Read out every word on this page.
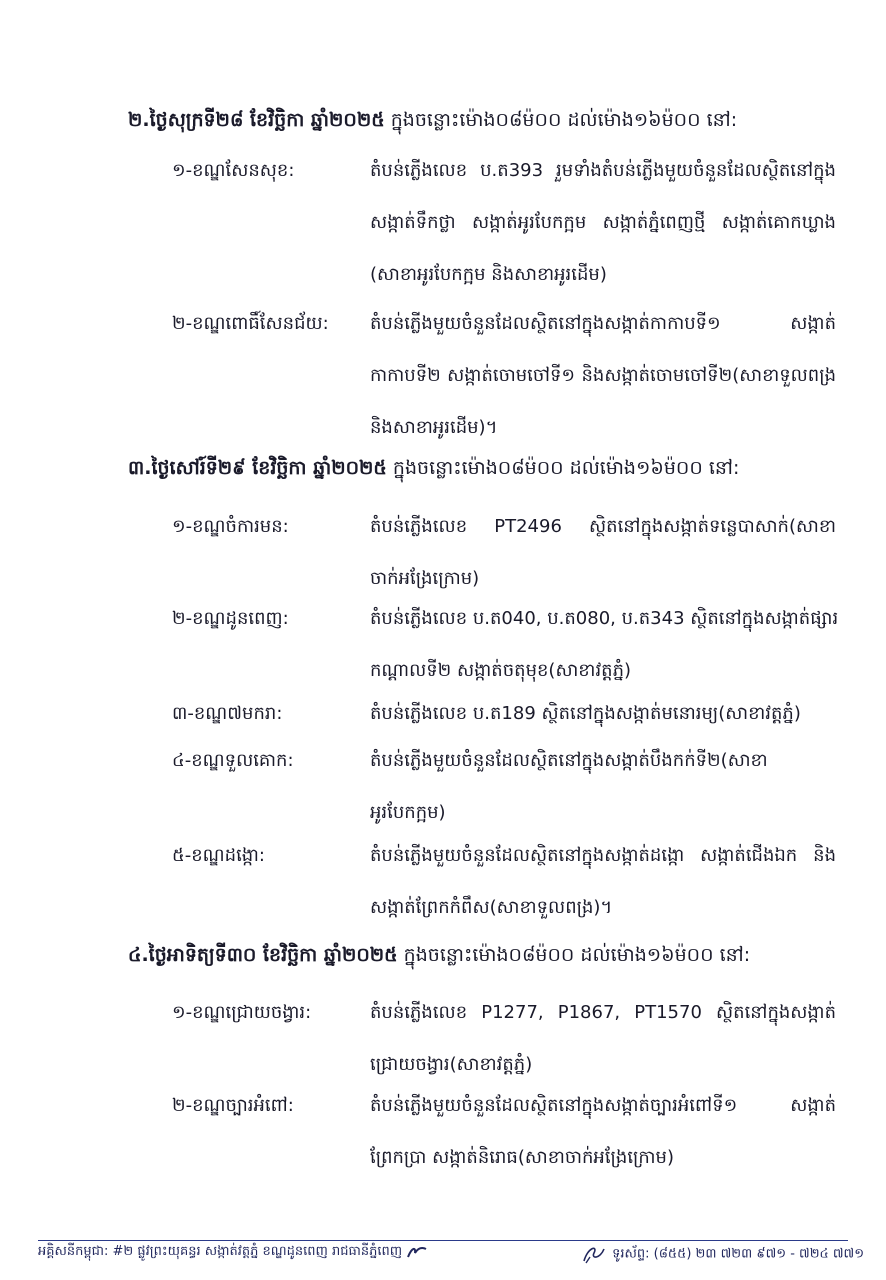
២.ថ្ងៃសុក្រទី២៨ ខែវិច្ឆិកា ឆ្នាំ២០២៥ ក្នុងចន្លោះម៉ោង០៨ម៉០០ ដល់ម៉ោង១៦ម៉០០ នៅ:
១-ខណ្ឌសែនសុខ:	តំបន់ភ្លើងលេខ ប.ត393 រួមទាំងតំបន់ភ្លើងមួយចំនួនដែលស្ថិតនៅក្នុង
សង្កាត់ទឹកថ្លា សង្កាត់អូរបែកក្អម សង្កាត់ភ្នំពេញថ្មី សង្កាត់គោកឃ្លាង
(សាខាអូរបែកក្អម និងសាខាអូរដើម)
២-ខណ្ឌពោធិ៍សែនជ័យ:	តំបន់ភ្លើងមួយចំនួនដែលស្ថិតនៅក្នុងសង្កាត់កាកាបទី១ សង្កាត់
កាកាបទី២ សង្កាត់ចោមចៅទី១ និងសង្កាត់ចោមចៅទី២(សាខាទួលពង្រ
និងសាខាអូរដើម)។
៣.ថ្ងៃសៅរ៍ទី២៩ ខែវិច្ឆិកា ឆ្នាំ២០២៥ ក្នុងចន្លោះម៉ោង០៨ម៉០០ ដល់ម៉ោង១៦ម៉០០ នៅ:
១-ខណ្ឌចំការមន:	តំបន់ភ្លើងលេខ PT2496 ស្ថិតនៅក្នុងសង្កាត់ទន្លេបាសាក់(សាខា
ចាក់អង្រែក្រោម)
២-ខណ្ឌដូនពេញ:	តំបន់ភ្លើងលេខ ប.ត040, ប.ត080, ប.ត343 ស្ថិតនៅក្នុងសង្កាត់ផ្សារ
កណ្ដាលទី២ សង្កាត់ចតុមុខ(សាខាវត្តភ្នំ)
៣-ខណ្ឌ៧មករា:	តំបន់ភ្លើងលេខ ប.ត189 ស្ថិតនៅក្នុងសង្កាត់មនោរម្យ(សាខាវត្តភ្នំ)
៤-ខណ្ឌទួលគោក:	តំបន់ភ្លើងមួយចំនួនដែលស្ថិតនៅក្នុងសង្កាត់បឹងកក់ទី២(សាខា
អូរបែកក្អម)
៥-ខណ្ឌដង្កោ:	តំបន់ភ្លើងមួយចំនួនដែលស្ថិតនៅក្នុងសង្កាត់ដង្កោ សង្កាត់ជើងឯក និង
សង្កាត់ព្រែកកំពឹស(សាខាទួលពង្រ)។
៤.ថ្ងៃអាទិត្យទី៣០ ខែវិច្ឆិកា ឆ្នាំ២០២៥ ក្នុងចន្លោះម៉ោង០៨ម៉០០ ដល់ម៉ោង១៦ម៉០០ នៅ:
១-ខណ្ឌជ្រោយចង្វារ:	តំបន់ភ្លើងលេខ P1277, P1867, PT1570 ស្ថិតនៅក្នុងសង្កាត់
ជ្រោយចង្វារ(សាខាវត្តភ្នំ)
២-ខណ្ឌច្បារអំពៅ:	តំបន់ភ្លើងមួយចំនួនដែលស្ថិតនៅក្នុងសង្កាត់ច្បារអំពៅទី១ សង្កាត់
ព្រែកប្រា សង្កាត់និរោធ(សាខាចាក់អង្រែក្រោម)
អគ្គិសនីកម្ពុជា: #២ ផ្លូវព្រះយុគន្ធរ សង្កាត់វត្តភ្នំ ខណ្ឌដូនពេញ រាជធានីភ្នំពេញ	ទូរស័ព្ទ: (៨៥៥) ២៣ ៧២៣ ៩៧១ - ៧២៤ ៧៧១
